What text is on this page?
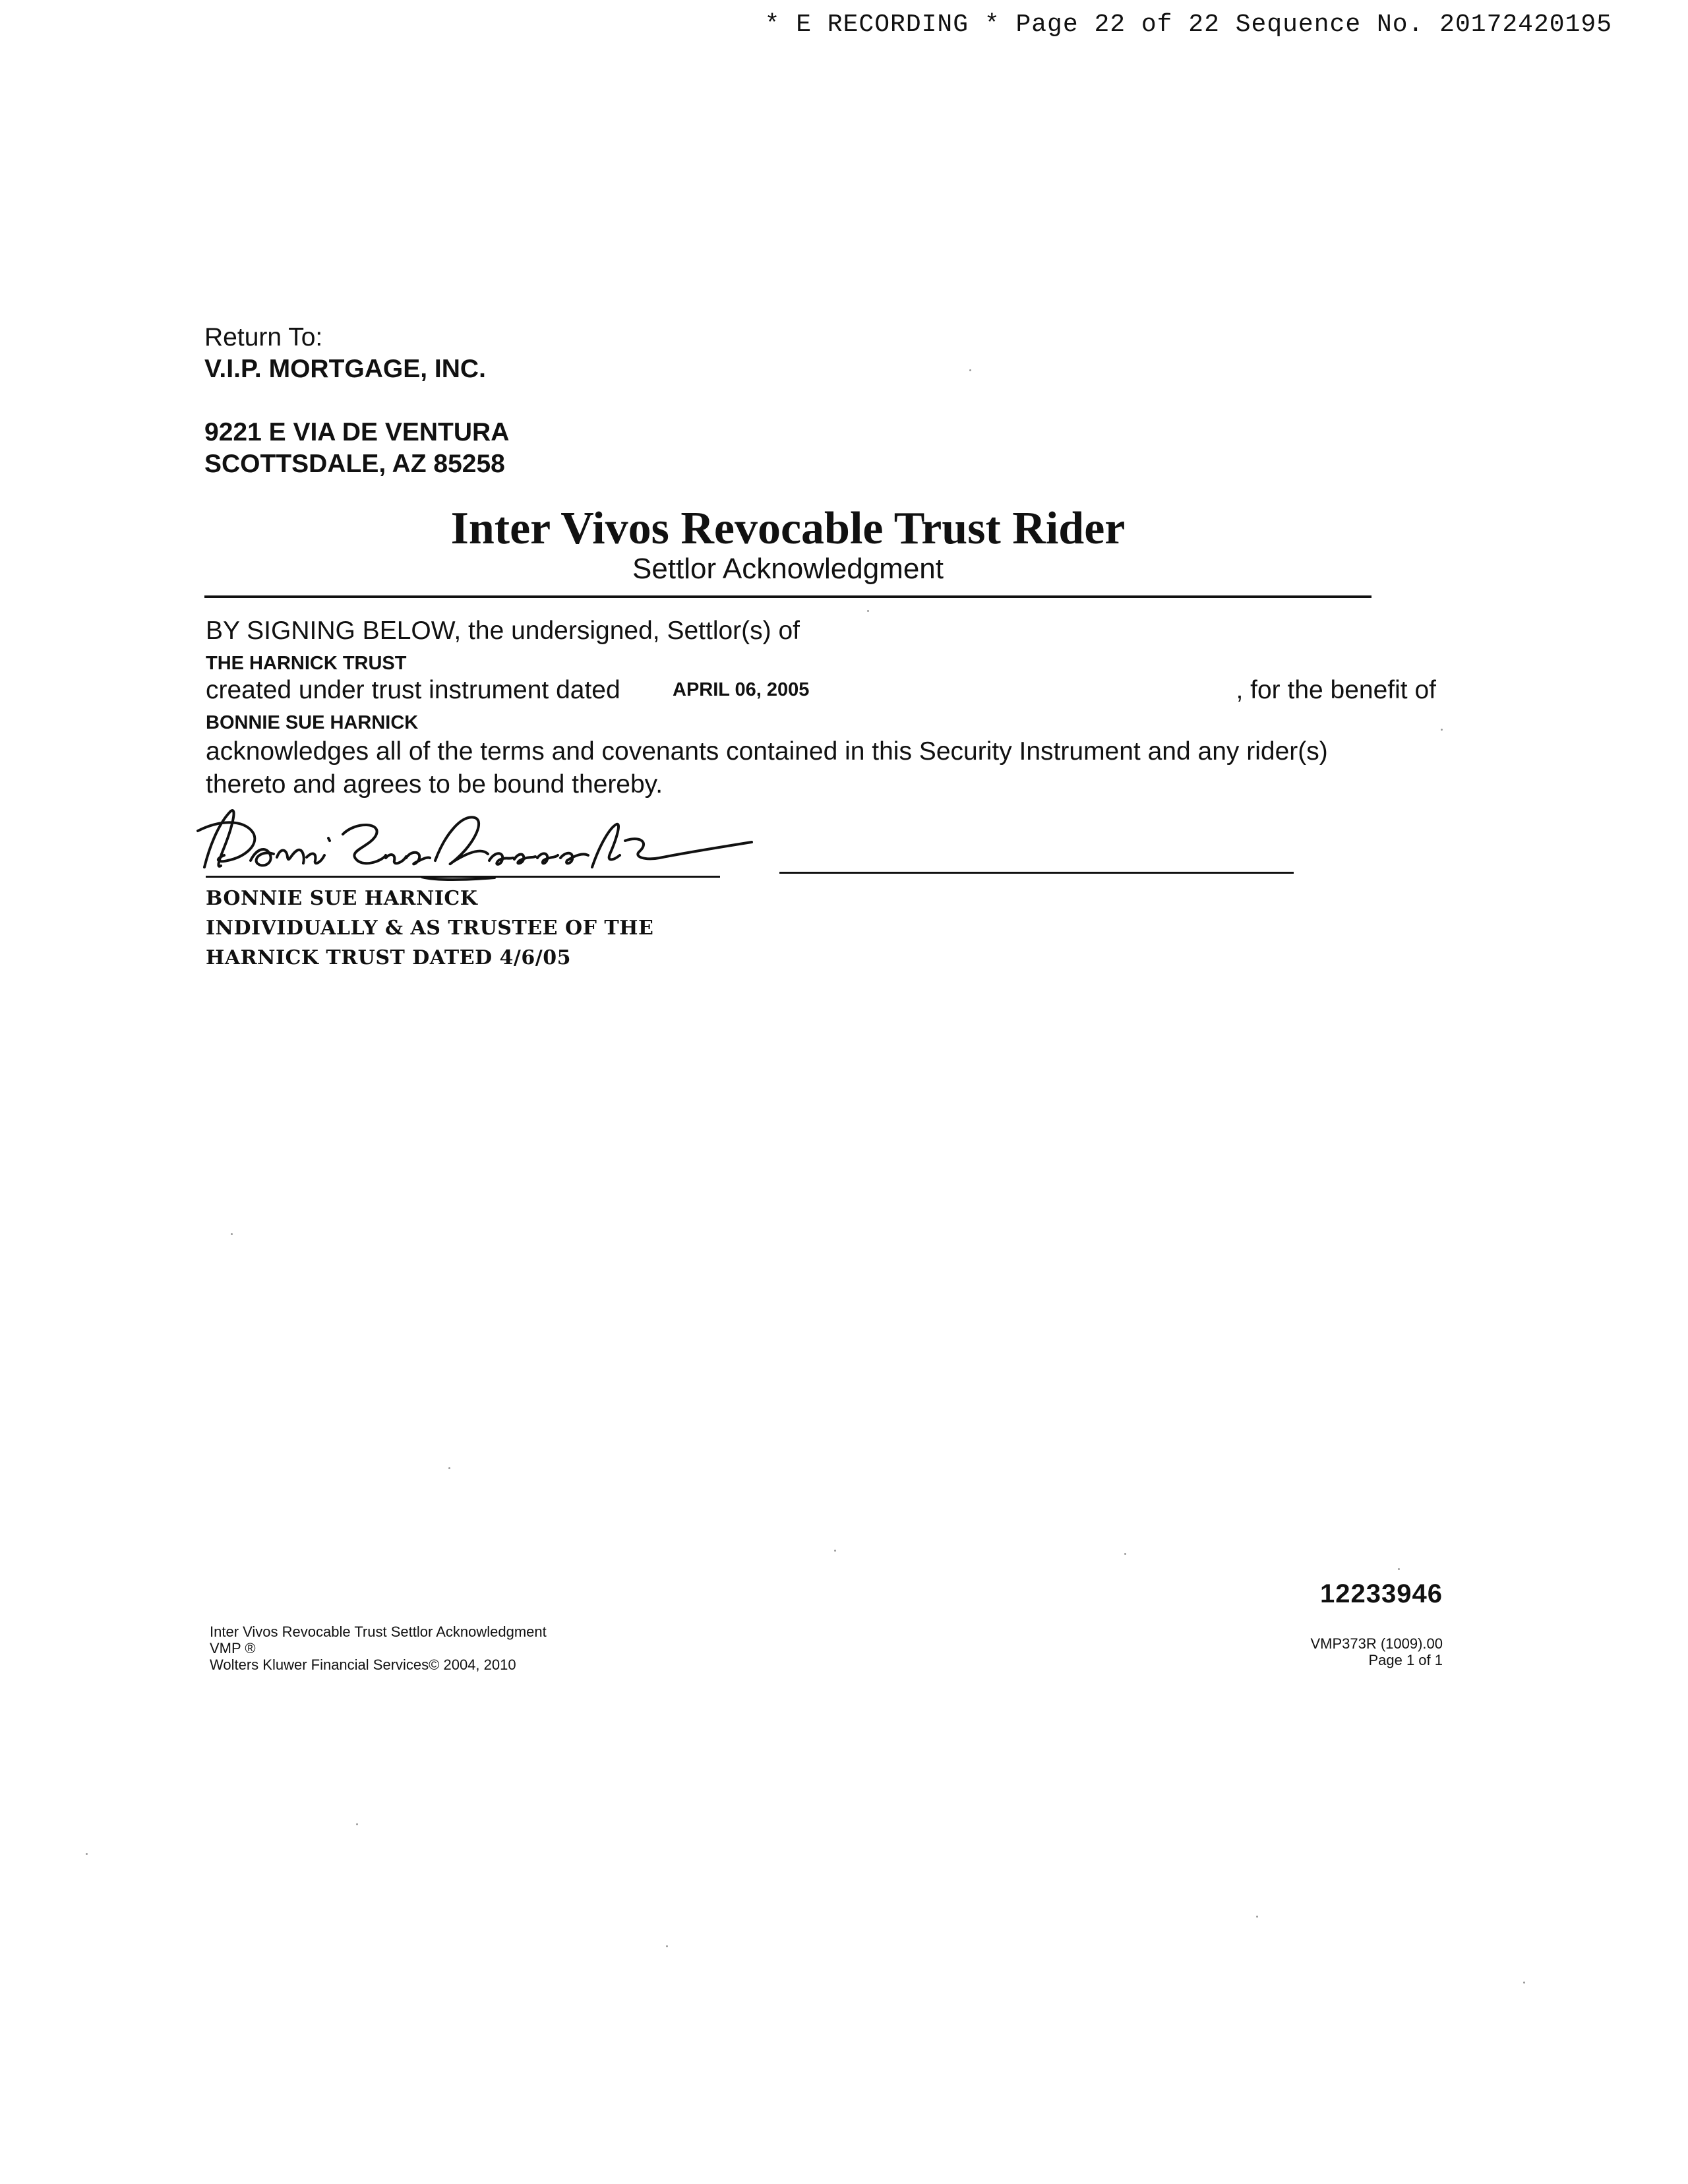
* E RECORDING * Page 22 of 22 Sequence No. 20172420195
Return To:
V.I.P. MORTGAGE, INC.
9221 E VIA DE VENTURA
SCOTTSDALE, AZ 85258
Inter Vivos Revocable Trust Rider
Settlor Acknowledgment
BY SIGNING BELOW, the undersigned, Settlor(s) of
THE HARNICK TRUST
created under trust instrument dated	APRIL 06, 2005	, for the benefit of
BONNIE SUE HARNICK
acknowledges all of the terms and covenants contained in this Security Instrument and any rider(s)
thereto and agrees to be bound thereby.
BONNIE SUE HARNICK
INDIVIDUALLY & AS TRUSTEE OF THE
HARNICK TRUST DATED 4/6/05
12233946
Inter Vivos Revocable Trust Settlor Acknowledgment
VMP ®
Wolters Kluwer Financial Services© 2004, 2010
VMP373R (1009).00
Page 1 of 1
